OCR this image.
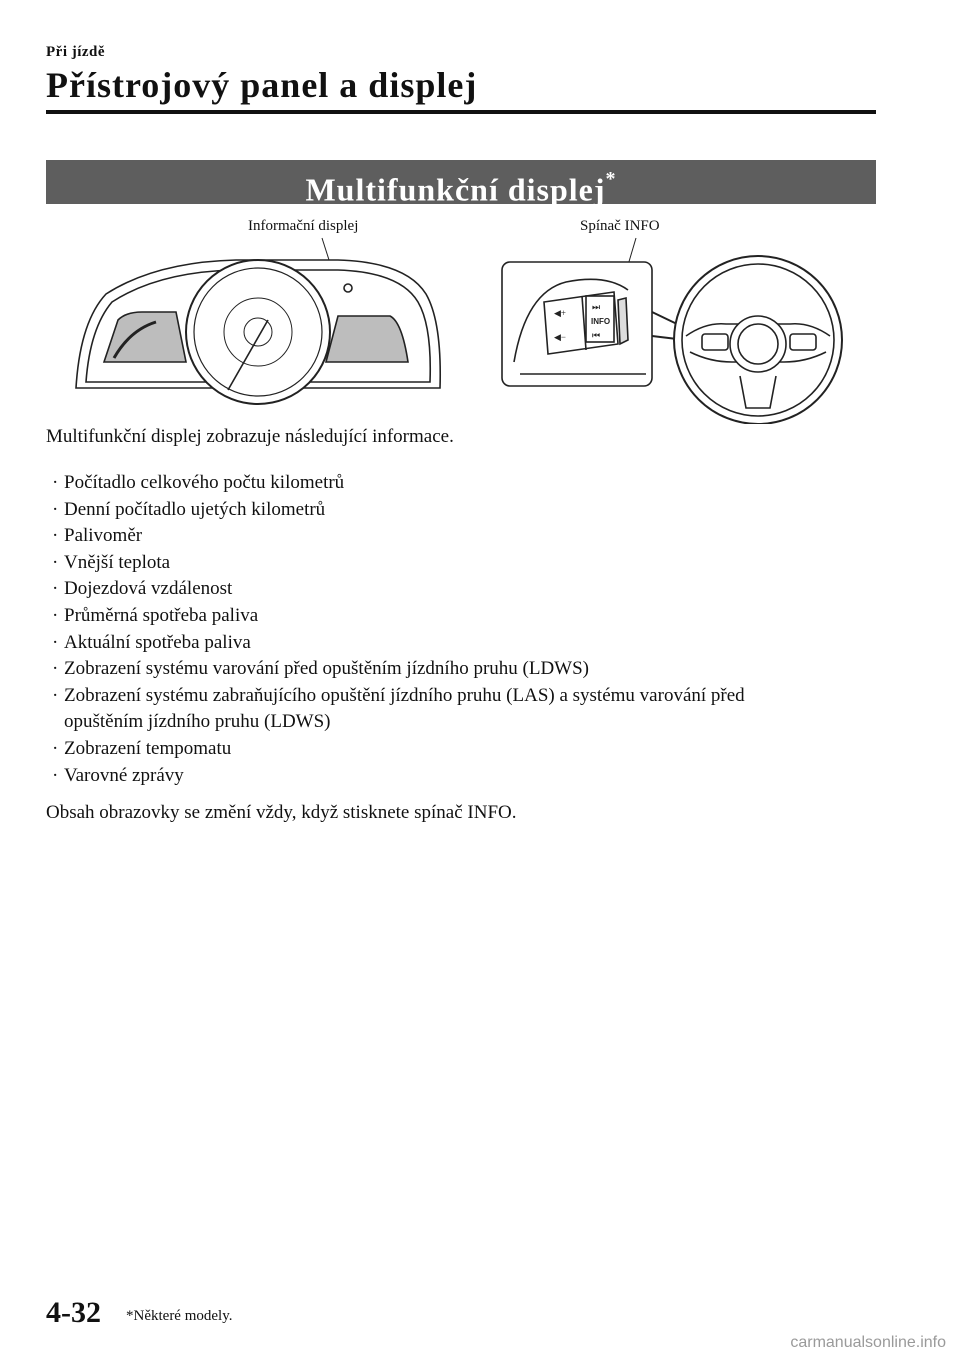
Při jízdě
Přístrojový panel a displej
Multifunkční displej*
Informační displej	Spínač INFO
INFO
⏭
⏮
◀+
◀−
Multifunkční displej zobrazuje následující informace.
· Počítadlo celkového počtu kilometrů
· Denní počítadlo ujetých kilometrů
· Palivoměr
· Vnější teplota
· Dojezdová vzdálenost
· Průměrná spotřeba paliva
· Aktuální spotřeba paliva
· Zobrazení systému varování před opuštěním jízdního pruhu (LDWS)
· Zobrazení systému zabraňujícího opuštění jízdního pruhu (LAS) a systému varování před
opuštěním jízdního pruhu (LDWS)
· Zobrazení tempomatu
· Varovné zprávy
Obsah obrazovky se změní vždy, když stisknete spínač INFO.
4-32 *Některé modely.
carmanualsonline.info
